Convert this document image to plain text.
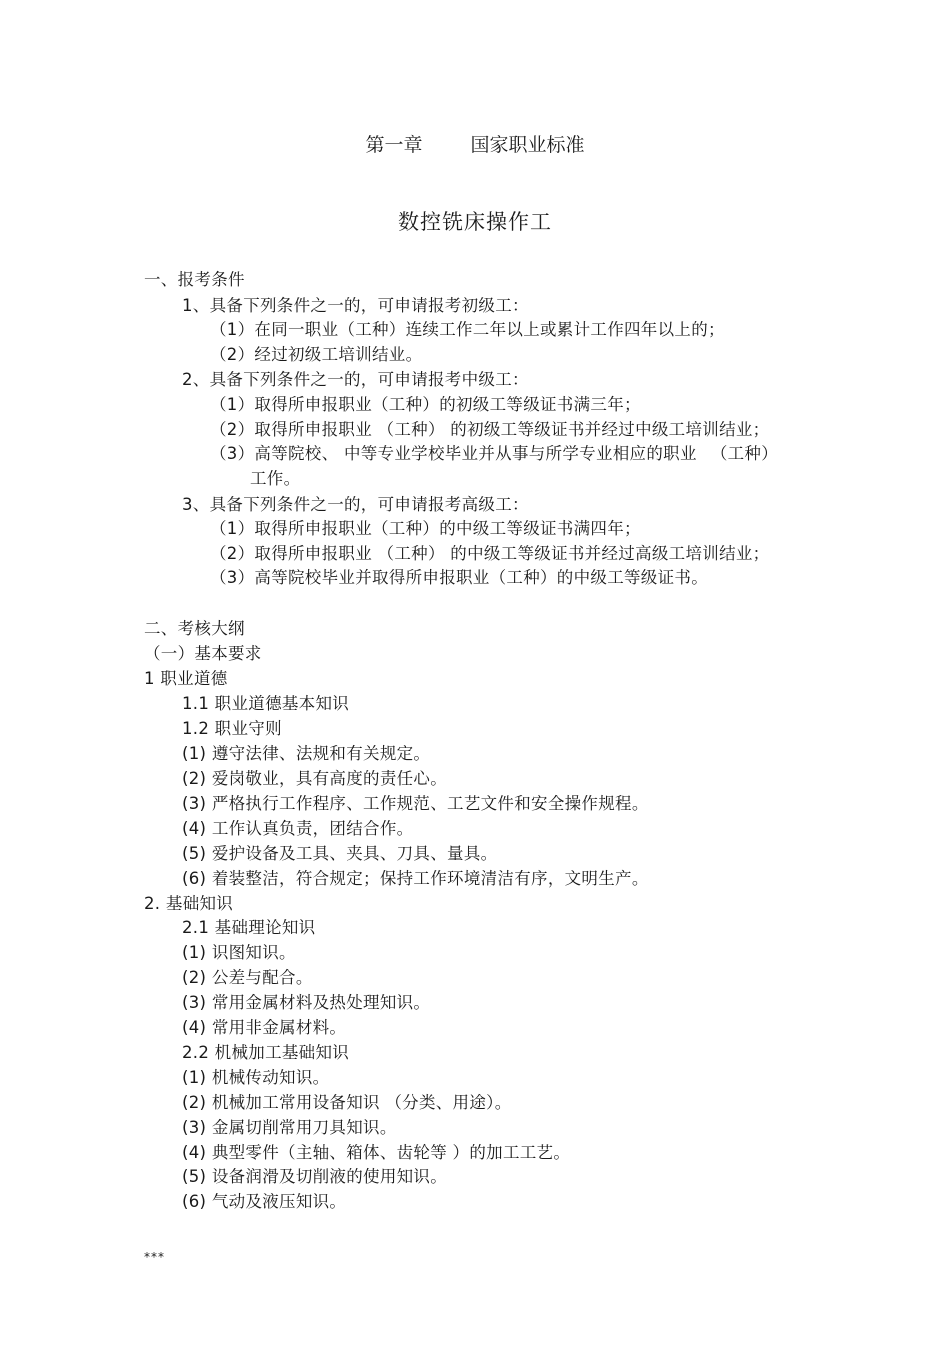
第一章	国家职业标准
数控铣床操作工
一、报考条件
1、具备下列条件之一的，可申请报考初级工：
（1）在同一职业（工种）连续工作二年以上或累计工作四年以上的；
（2）经过初级工培训结业。
2、具备下列条件之一的，可申请报考中级工：
（1）取得所申报职业（工种）的初级工等级证书满三年；
（2）取得所申报职业 （工种） 的初级工等级证书并经过中级工培训结业；
（3）高等院校、 中等专业学校毕业并从事与所学专业相应的职业 　（工种）
工作。
3、具备下列条件之一的，可申请报考高级工：
（1）取得所申报职业（工种）的中级工等级证书满四年；
（2）取得所申报职业 （工种） 的中级工等级证书并经过高级工培训结业；
（3）高等院校毕业并取得所申报职业（工种）的中级工等级证书。
二、考核大纲
（一）基本要求
1 职业道德
1.1 职业道德基本知识
1.2 职业守则
(1) 遵守法律、法规和有关规定。
(2) 爱岗敬业，具有高度的责任心。
(3) 严格执行工作程序、工作规范、工艺文件和安全操作规程。
(4) 工作认真负责，团结合作。
(5) 爱护设备及工具、夹具、刀具、量具。
(6) 着装整洁，符合规定；保持工作环境清洁有序，文明生产。
2. 基础知识
2.1 基础理论知识
(1) 识图知识。
(2) 公差与配合。
(3) 常用金属材料及热处理知识。
(4) 常用非金属材料。
2.2 机械加工基础知识
(1) 机械传动知识。
(2) 机械加工常用设备知识 （分类、用途）。
(3) 金属切削常用刀具知识。
(4) 典型零件（主轴、箱体、齿轮等 ）的加工工艺。
(5) 设备润滑及切削液的使用知识。
(6) 气动及液压知识。
***
